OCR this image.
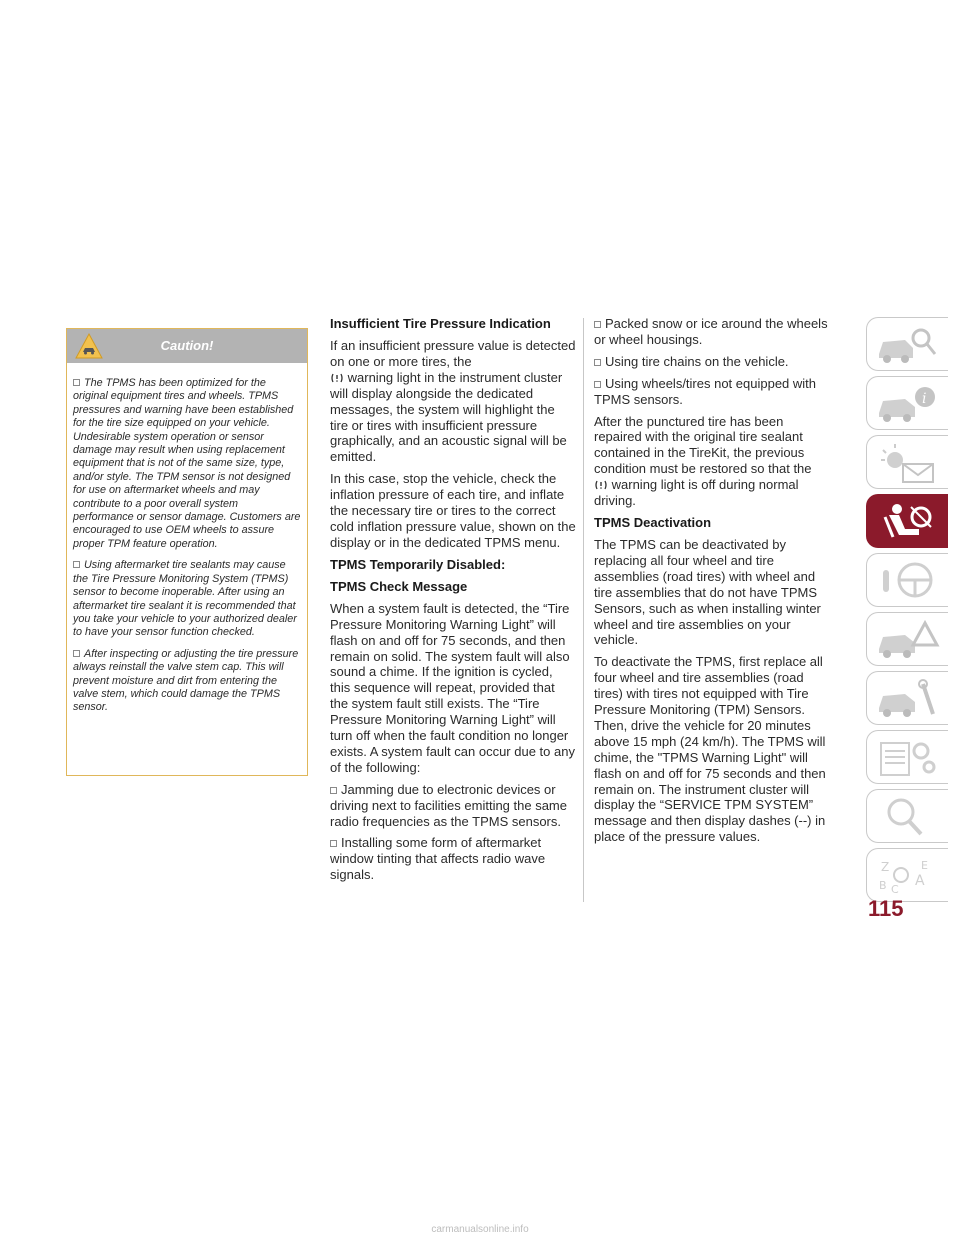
Caution!

The TPMS has been optimized for the original equipment tires and wheels. TPMS pressures and warning have been established for the tire size equipped on your vehicle. Undesirable system operation or sensor damage may result when using replacement equipment that is not of the same size, type, and/or style. The TPM sensor is not designed for use on aftermarket wheels and may contribute to a poor overall system performance or sensor damage. Customers are encouraged to use OEM wheels to assure proper TPM feature operation.

Using aftermarket tire sealants may cause the Tire Pressure Monitoring System (TPMS) sensor to become inoperable. After using an aftermarket tire sealant it is recommended that you take your vehicle to your authorized dealer to have your sensor function checked.

After inspecting or adjusting the tire pressure always reinstall the valve stem cap. This will prevent moisture and dirt from entering the valve stem, which could damage the TPMS sensor.

Insufficient Tire Pressure Indication

If an insufficient pressure value is detected on one or more tires, the

warning light in the instrument cluster will display alongside the dedicated messages, the system will highlight the tire or tires with insufficient pressure graphically, and an acoustic signal will be emitted.

In this case, stop the vehicle, check the inflation pressure of each tire, and inflate the necessary tire or tires to the correct cold inflation pressure value, shown on the display or in the dedicated TPMS menu.

TPMS Temporarily Disabled:
TPMS Check Message

When a system fault is detected, the “Tire Pressure Monitoring Warning Light” will flash on and off for 75 seconds, and then remain on solid. The system fault will also sound a chime. If the ignition is cycled, this sequence will repeat, provided that the system fault still exists. The “Tire Pressure Monitoring Warning Light” will turn off when the fault condition no longer exists. A system fault can occur due to any of the following:

Jamming due to electronic devices or driving next to facilities emitting the same radio frequencies as the TPMS sensors.

Installing some form of aftermarket window tinting that affects radio wave signals.

Packed snow or ice around the wheels or wheel housings.

Using tire chains on the vehicle.

Using wheels/tires not equipped with TPMS sensors.

After the punctured tire has been repaired with the original tire sealant contained in the TireKit, the previous condition must be restored so that the

warning light is off during normal driving.

TPMS Deactivation

The TPMS can be deactivated by replacing all four wheel and tire assemblies (road tires) with wheel and tire assemblies that do not have TPMS Sensors, such as when installing winter wheel and tire assemblies on your vehicle.

To deactivate the TPMS, first replace all four wheel and tire assemblies (road tires) with tires not equipped with Tire Pressure Monitoring (TPM) Sensors. Then, drive the vehicle for 20 minutes above 15 mph (24 km/h). The TPMS will chime, the "TPMS Warning Light" will flash on and off for 75 seconds and then remain on. The instrument cluster will display the “SERVICE TPM SYSTEM” message and then display dashes (--) in place of the pressure values.

i
Z	E
A
B C
115
carmanualsonline.info
